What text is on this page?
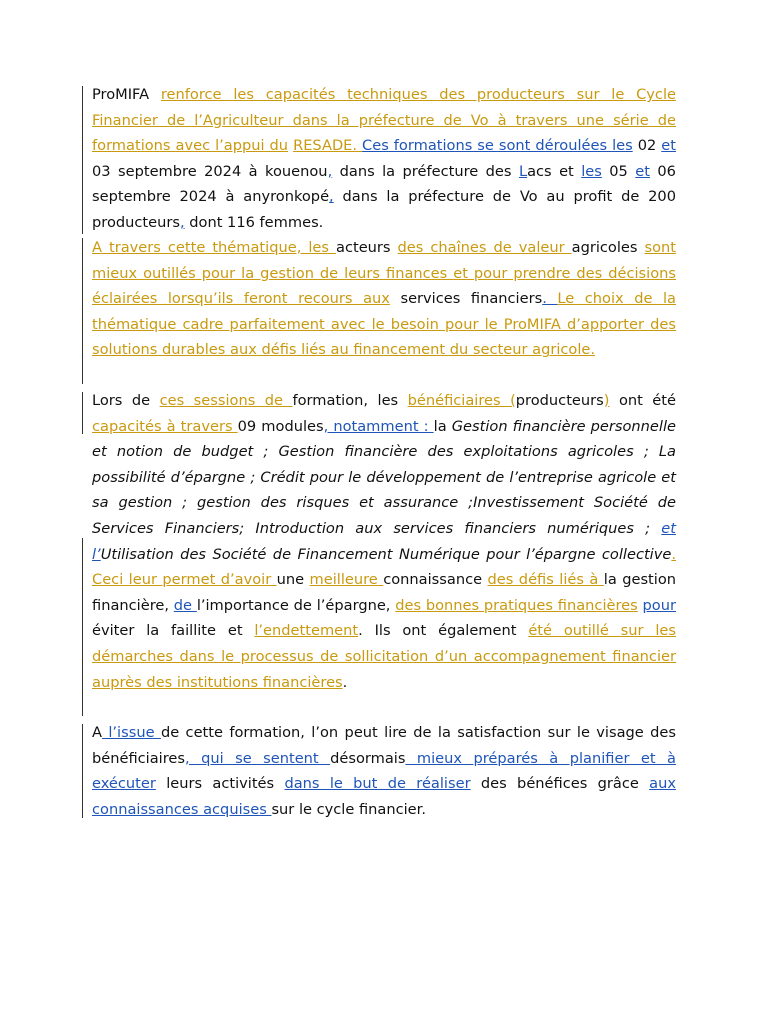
ProMIFA renforce les capacités techniques des producteurs sur le Cycle Financier de l’Agriculteur dans la préfecture de Vo à travers une série de formations avec l’appui du RESADE. Ces formations se sont déroulées les 02 et 03 septembre 2024 à kouenou, dans la préfecture des Lacs et les 05 et 06 septembre 2024 à anyronkopé, dans la préfecture de Vo au profit de 200 producteurs, dont 116 femmes.

A travers cette thématique, les acteurs des chaînes de valeur agricoles sont mieux outillés pour la gestion de leurs finances et pour prendre des décisions éclairées lorsqu’ils feront recours aux services financiers. Le choix de la thématique cadre parfaitement avec le besoin pour le ProMIFA d’apporter des solutions durables aux défis liés au financement du secteur agricole.

Lors de ces sessions de formation, les bénéficiaires (producteurs) ont été capacités à travers 09 modules, notamment : la Gestion financière personnelle et notion de budget ; Gestion financière des exploitations agricoles ; La possibilité d’épargne ; Crédit pour le développement de l’entreprise agricole et sa gestion ; gestion des risques et assurance ;Investissement Société de Services Financiers; Introduction aux services financiers numériques ; et l’Utilisation des Société de Financement Numérique pour l’épargne collective. Ceci leur permet d’avoir une meilleure connaissance des défis liés à la gestion financière, de l’importance de l’épargne, des bonnes pratiques financières pour éviter la faillite et l’endettement. Ils ont également été outillé sur les démarches dans le processus de sollicitation d’un accompagnement financier auprès des institutions financières.

A l’issue de cette formation, l’on peut lire de la satisfaction sur le visage des bénéficiaires, qui se sentent désormais mieux préparés à planifier et à exécuter leurs activités dans le but de réaliser des bénéfices grâce aux connaissances acquises sur le cycle financier.
